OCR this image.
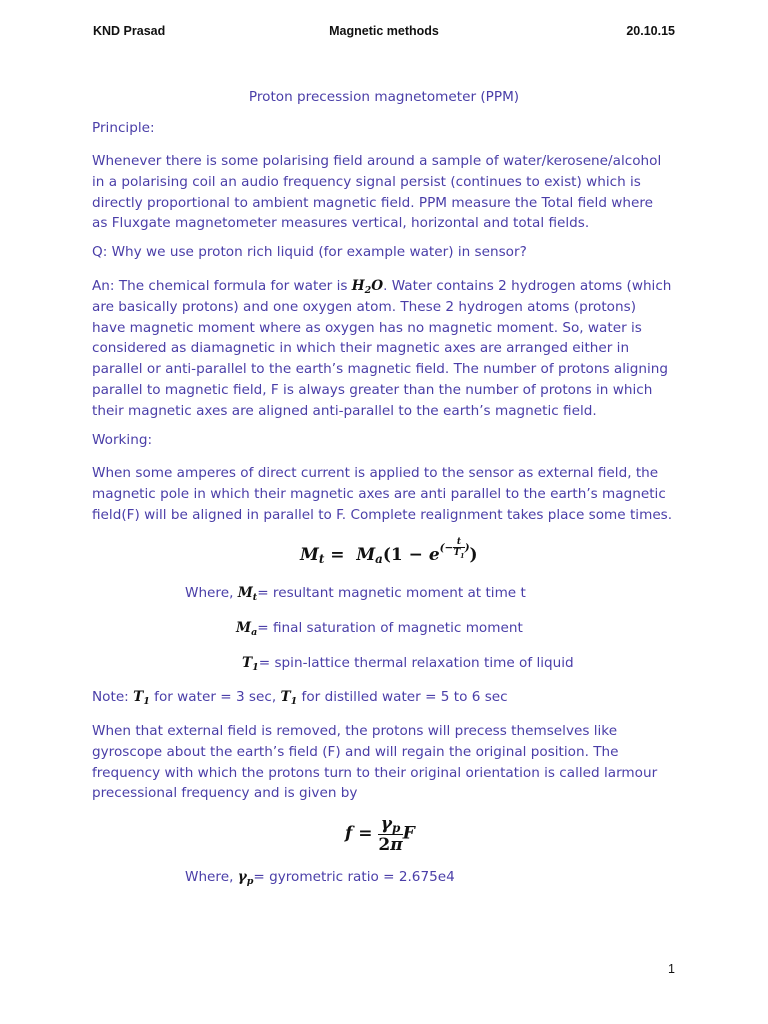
KND Prasad	Magnetic methods	20.10.15
Proton precession magnetometer (PPM)
Principle:
Whenever there is some polarising field around a sample of water/kerosene/alcohol
in a polarising coil an audio frequency signal persist (continues to exist) which is
directly proportional to ambient magnetic field. PPM measure the Total field where
as Fluxgate magnetometer measures vertical, horizontal and total fields.
Q: Why we use proton rich liquid (for example water) in sensor?
An: The chemical formula for water is $H_2O$. Water contains 2 hydrogen atoms (which
are basically protons) and one oxygen atom. These 2 hydrogen atoms (protons)
have magnetic moment where as oxygen has no magnetic moment. So, water is
considered as diamagnetic in which their magnetic axes are arranged either in
parallel or anti-parallel to the earth’s magnetic field. The number of protons aligning
parallel to magnetic field, F is always greater than the number of protons in which
their magnetic axes are aligned anti-parallel to the earth’s magnetic field.
Working:
When some amperes of direct current is applied to the sensor as external field, the
magnetic pole in which their magnetic axes are anti parallel to the earth’s magnetic
field(F) will be aligned in parallel to F. Complete realignment takes place some times.
$M_t = M_a(1 - e^{(- \frac{t}{T_1} )})$
Where, $M_t=$ resultant magnetic moment at time t
$M_a=$ final saturation of magnetic moment
$T_1=$ spin-lattice thermal relaxation time of liquid
Note: $T_1$ for water = 3 sec, $T_1$ for distilled water = 5 to 6 sec
When that external field is removed, the protons will precess themselves like
gyroscope about the earth’s field (F) and will regain the original position. The
frequency with which the protons turn to their original orientation is called larmour
precessional frequency and is given by
$f = \frac{\gamma_p}{2\pi}$ F
Where, $\gamma_p=$ gyrometric ratio = 2.675e4
1
